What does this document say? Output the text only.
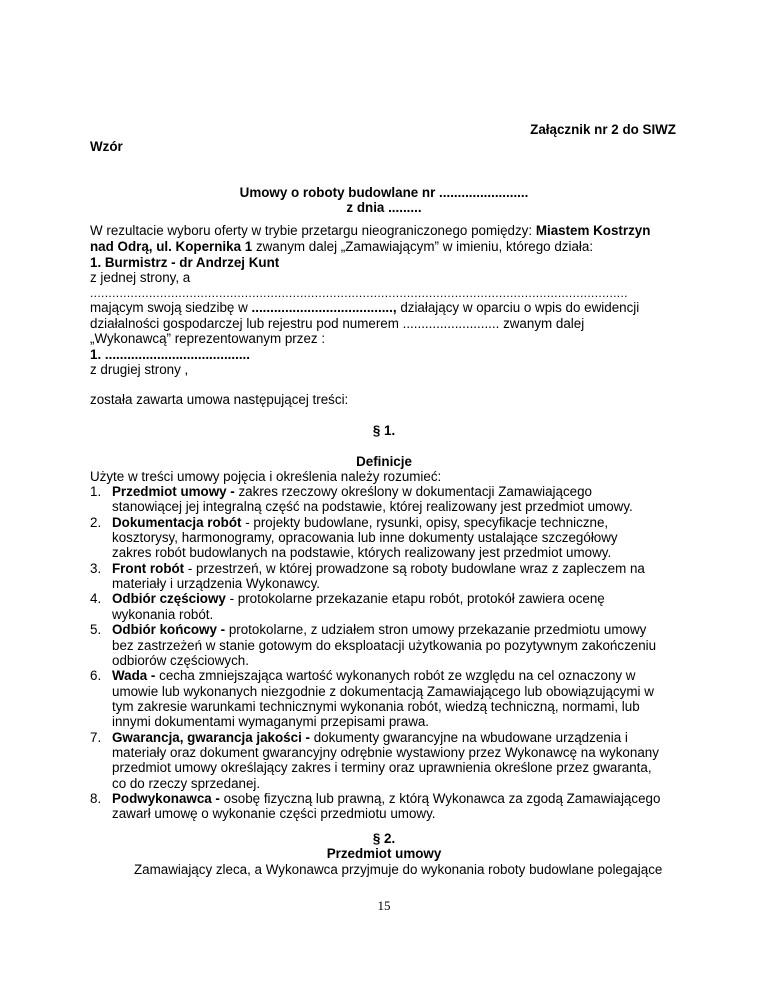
Załącznik nr 2 do SIWZ

Wzór

Umowy o roboty budowlane nr ........................

z dnia .........

W rezultacie wyboru oferty w trybie przetargu nieograniczonego pomiędzy: Miastem Kostrzyn

nad Odrą, ul. Kopernika 1 zwanym dalej „Zamawiającym” w imieniu, którego działa:

1. Burmistrz - dr Andrzej Kunt

z jednej strony, a

..................................................................................................................................................

mającym swoją siedzibę w ......................................, działający w oparciu o wpis do ewidencji

działalności gospodarczej lub rejestru pod numerem .......................... zwanym dalej

„Wykonawcą” reprezentowanym przez :

1. .......................................

z drugiej strony ,

została zawarta umowa następującej treści:

§ 1.

Definicje

Użyte w treści umowy pojęcia i określenia należy rozumieć:

1. Przedmiot umowy - zakres rzeczowy określony w dokumentacji Zamawiającego

stanowiącej jej integralną część na podstawie, której realizowany jest przedmiot umowy.

2. Dokumentacja robót - projekty budowlane, rysunki, opisy, specyfikacje techniczne,

kosztorysy, harmonogramy, opracowania lub inne dokumenty ustalające szczegółowy

zakres robót budowlanych na podstawie, których realizowany jest przedmiot umowy.

3. Front robót - przestrzeń, w której prowadzone są roboty budowlane wraz z zapleczem na

materiały i urządzenia Wykonawcy.

4. Odbiór częściowy - protokolarne przekazanie etapu robót, protokół zawiera ocenę

wykonania robót.

5. Odbiór końcowy - protokolarne, z udziałem stron umowy przekazanie przedmiotu umowy

bez zastrzeżeń w stanie gotowym do eksploatacji użytkowania po pozytywnym zakończeniu

odbiorów częściowych.

6. Wada - cecha zmniejszająca wartość wykonanych robót ze względu na cel oznaczony w

umowie lub wykonanych niezgodnie z dokumentacją Zamawiającego lub obowiązującymi w

tym zakresie warunkami technicznymi wykonania robót, wiedzą techniczną, normami, lub

innymi dokumentami wymaganymi przepisami prawa.

7. Gwarancja, gwarancja jakości - dokumenty gwarancyjne na wbudowane urządzenia i

materiały oraz dokument gwarancyjny odrębnie wystawiony przez Wykonawcę na wykonany

przedmiot umowy określający zakres i terminy oraz uprawnienia określone przez gwaranta,

co do rzeczy sprzedanej.

8. Podwykonawca - osobę fizyczną lub prawną, z którą Wykonawca za zgodą Zamawiającego

zawarł umowę o wykonanie części przedmiotu umowy.

§ 2.

Przedmiot umowy

Zamawiający zleca, a Wykonawca przyjmuje do wykonania roboty budowlane polegające

15
